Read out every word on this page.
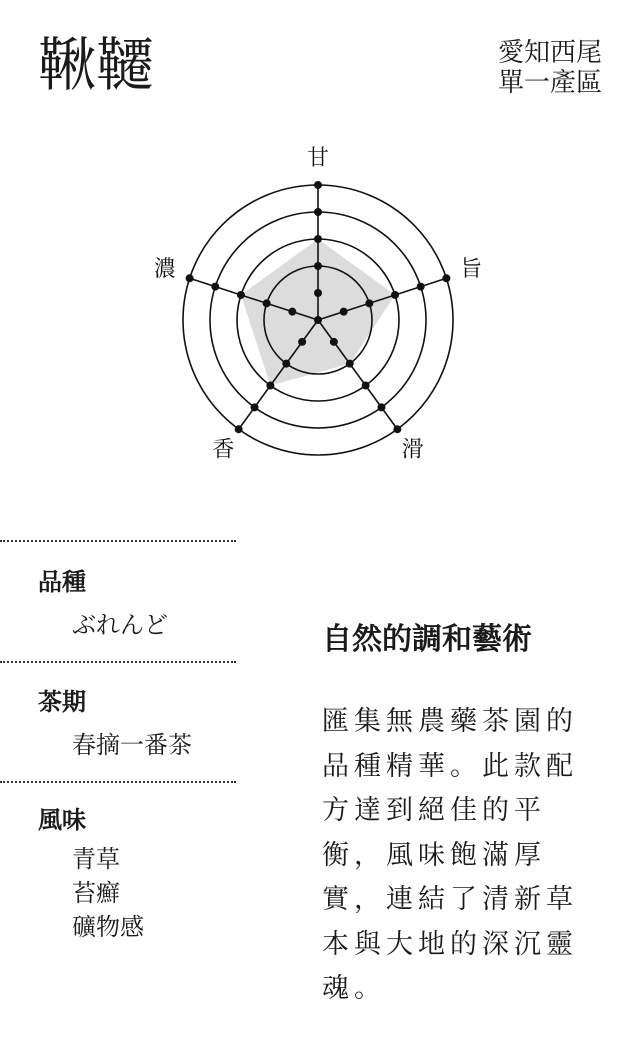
鞦韆	愛知西尾
單一產區
甘
旨
滑
香
濃
品種
ぶれんど
茶期
春摘一番茶
風味
青草
苔癬
礦物感
自然的調和藝術
匯集無農藥茶園的品種精華。此款配方達到絕佳的平衡，風味飽滿厚實，連結了清新草本與大地的深沉靈魂。
